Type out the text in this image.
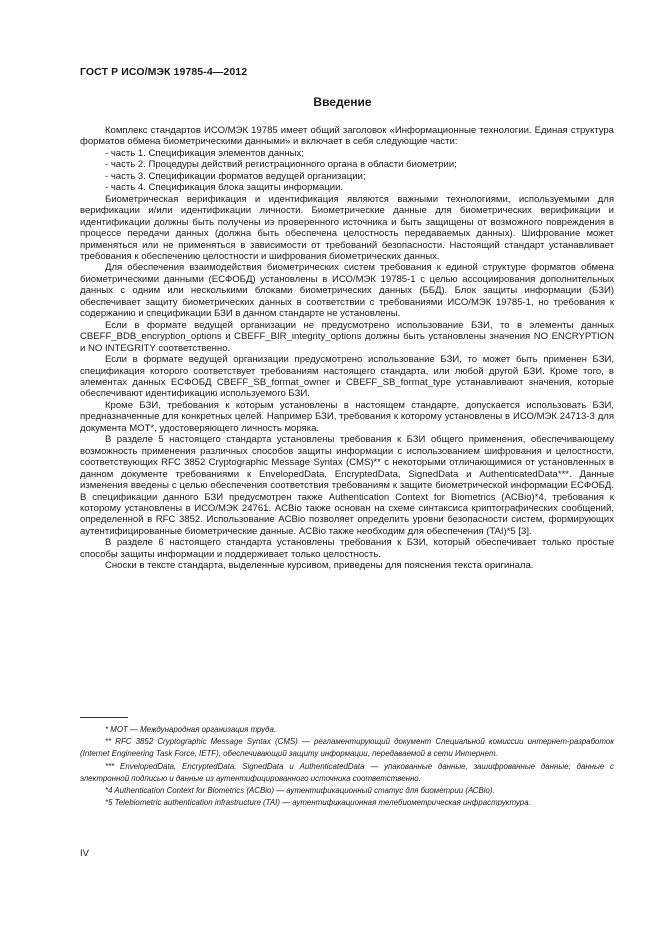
ГОСТ Р ИСО/МЭК 19785-4—2012
Введение

Комплекс стандартов ИСО/МЭК 19785 имеет общий заголовок «Информационные технологии. Единая структура форматов обмена биометрическими данными» и включает в себя следующие части:

- часть 1. Спецификация элементов данных;

- часть 2. Процедуры действий регистрационного органа в области биометрии;

- часть 3. Спецификации форматов ведущей организации;

- часть 4. Спецификация блока защиты информации.

Биометрическая верификация и идентификация являются важными технологиями, используемыми для верификации и/или идентификации личности. Биометрические данные для биометрических верификации и идентификации должны быть получены из проверенного источника и быть защищены от возможного повреждения в процессе передачи данных (должна быть обеспечена целостность передаваемых данных). Шифрование может применяться или не применяться в зависимости от требований безопасности. Настоящий стандарт устанавливает требования к обеспечению целостности и шифрования биометрических данных.

Для обеспечения взаимодействия биометрических систем требования к единой структуре форматов обмена биометрическими данными (ЕСФОБД) установлены в ИСО/МЭК 19785-1 с целью ассоциирования дополнительных данных с одним или несколькими блоками биометрических данных (ББД). Блок защиты информации (БЗИ) обеспечивает защиту биометрических данных в соответствии с требованиями ИСО/МЭК 19785-1, но требования к содержанию и спецификации БЗИ в данном стандарте не установлены.

Если в формате ведущей организации не предусмотрено использование БЗИ, то в элементы данных CBEFF_BDB_encryption_options и CBEFF_BIR_integrity_options должны быть установлены значения NO ENCRYPTION и NO INTEGRITY соответственно.

Если в формате ведущей организации предусмотрено использование БЗИ, то может быть применен БЗИ, спецификация которого соответствует требованиям настоящего стандарта, или любой другой БЗИ. Кроме того, в элементах данных ЕСФОБД CBEFF_SB_format_owner и CBEFF_SB_format_type устанавливают значения, которые обеспечивают идентификацию используемого БЗИ.

Кроме БЗИ, требования к которым установлены в настоящем стандарте, допускается использовать БЗИ, предназначенные для конкретных целей. Например БЗИ, требования к которому установлены в ИСО/МЭК 24713-3 для документа МОТ*, удостоверяющего личность моряка.

В разделе 5 настоящего стандарта установлены требования к БЗИ общего применения, обеспечивающему возможность применения различных способов защиты информации с использованием шифрования и целостности, соответствующих RFC 3852 Cryptographic Message Syntax (CMS)** с некоторыми отличающимися от установленных в данном документе требованиями к EnvelopedData, EncryptedData, SignedData и AuthenticatedData***. Данные изменения введены с целью обеспечения соответствия требованиям к защите биометрической информации ЕСФОБД. В спецификации данного БЗИ предусмотрен также Authentication Context for Biometrics (ACBio)*4, требования к которому установлены в ИСО/МЭК 24761. ACBio также основан на схеме синтаксиса криптографических сообщений, определенной в RFC 3852. Использование ACBio позволяет определить уровни безопасности систем, формирующих аутентифицированные биометрические данные. ACBio также необходим для обеспечения (TAI)*5 [3].

В разделе 6 настоящего стандарта установлены требования к БЗИ, который обеспечивает только простые способы защиты информации и поддерживает только целостность.

Сноски в тексте стандарта, выделенные курсивом, приведены для пояснения текста оригинала.

* МОТ — Международная организация труда.

** RFC 3852 Cryptographic Message Syntax (CMS) — регламентирующий документ Специальной комиссии интернет-разработок (Internet Engineering Task Force, IETF), обеспечивающий защиту информации, передаваемой в сети Интернет.

*** EnvelopedData, EncryptedData, SignedData и AuthenticatedData — упакованные данные, зашифрованные данные; данные с электронной подписью и данные из аутентифицированного источника соответственно.

*4 Authentication Context for Biometrics (ACBio) — аутентификационный статус для биометрии (АСВio).

*5 Telebiometric authentication infrastructure (TAI) — аутентификационная телебиометрическая инфраструктура.

IV
